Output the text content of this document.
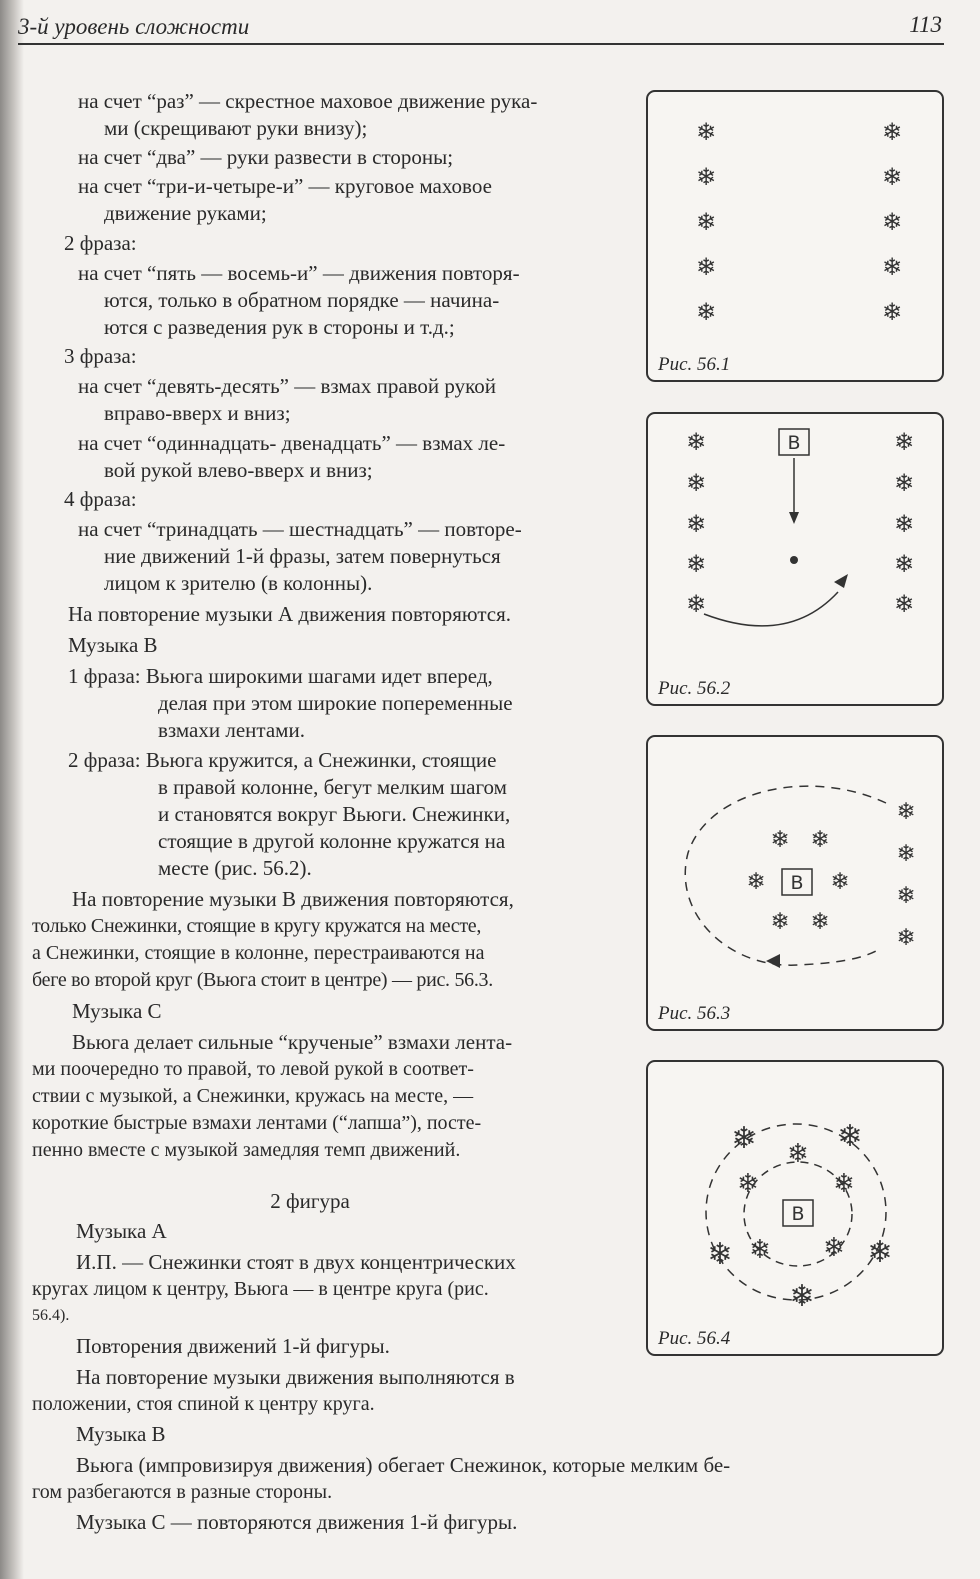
3-й уровень сложности	113
на счет “раз” — скрестное маховое движение рука-
ми (скрещивают руки внизу);
на счет “два” — руки развести в стороны;
на счет “три-и-четыре-и” — круговое маховое
движение руками;
2 фраза:
на счет “пять — восемь-и” — движения повторя-
ются, только в обратном порядке — начина-
ются с разведения рук в стороны и т.д.;
3 фраза:
на счет “девять-десять” — взмах правой рукой
вправо-вверх и вниз;
на счет “одиннадцать- двенадцать” — взмах ле-
вой рукой влево-вверх и вниз;
4 фраза:
на счет “тринадцать — шестнадцать” — повторе-
ние движений 1-й фразы, затем повернуться
лицом к зрителю (в колонны).
На повторение музыки А движения повторяются.
Музыка В
1 фраза: Вьюга широкими шагами идет вперед,
делая при этом широкие попеременные
взмахи лентами.
2 фраза: Вьюга кружится, а Снежинки, стоящие
в правой колонне, бегут мелким шагом
и становятся вокруг Вьюги. Снежинки,
стоящие в другой колонне кружатся на
месте (рис. 56.2).
На повторение музыки В движения повторяются,
только Снежинки, стоящие в кругу кружатся на месте,
а Снежинки, стоящие в колонне, перестраиваются на
беге во второй круг (Вьюга стоит в центре) — рис. 56.3.
Музыка С
Вьюга делает сильные “крученые” взмахи лента-
ми поочередно то правой, то левой рукой в соответ-
ствии с музыкой, а Снежинки, кружась на месте, —
короткие быстрые взмахи лентами (“лапша”), посте-
пенно вместе с музыкой замедляя темп движений.
2 фигура
Музыка А
И.П. — Снежинки стоят в двух концентрических
кругах лицом к центру, Вьюга — в центре круга (рис.
56.4).
Повторения движений 1-й фигуры.
На повторение музыки движения выполняются в
положении, стоя спиной к центру круга.
Музыка В
Вьюга (импровизируя движения) обегает Снежинок, которые мелким бе-
гом разбегаются в разные стороны.
Музыка С — повторяются движения 1-й фигуры.
❄
❄
❄
❄
❄
❄
❄
❄
❄
❄
Рис. 56.1
❄
❄
❄
❄
❄
❄
❄
❄
❄
❄
В
Рис. 56.2
❄
❄
❄
❄
❄ ❄
❄	❄
❄ ❄
В
Рис. 56.3
❄	❄
❄	❄
❄
❄
❄	❄
❄ ❄
В
Рис. 56.4
